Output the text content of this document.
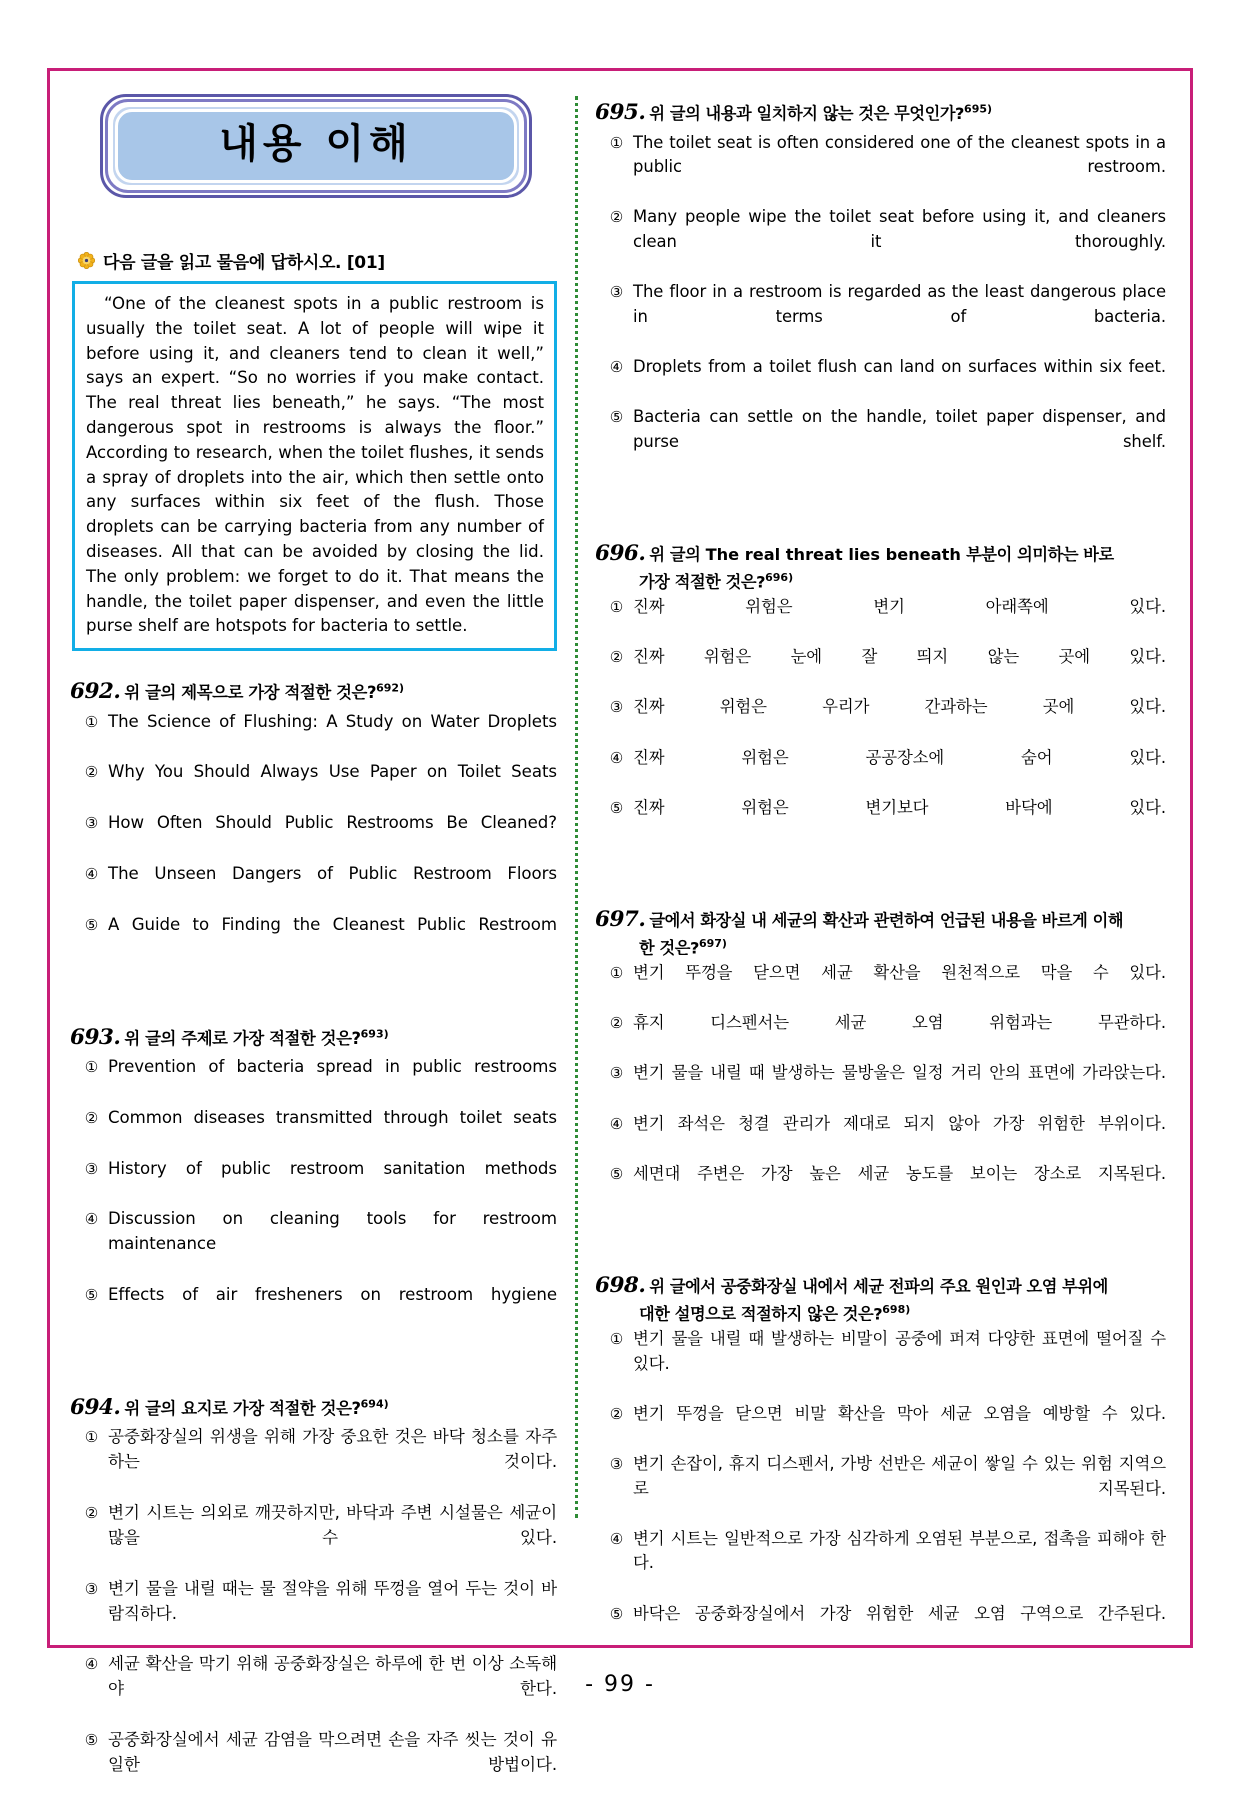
내용 이해
다음 글을 읽고 물음에 답하시오. [01]

“One of the cleanest spots in a public restroom is usually the toilet seat. A lot of people will wipe it before using it, and cleaners tend to clean it well,” says an expert. “So no worries if you make contact. The real threat lies beneath,” he says. “The most dangerous spot in restrooms is always the floor.” According to research, when the toilet flushes, it sends a spray of droplets into the air, which then settle onto any surfaces within six feet of the flush. Those droplets can be carrying bacteria from any number of diseases. All that can be avoided by closing the lid. The only problem: we forget to do it. That means the handle, the toilet paper dispenser, and even the little purse shelf are hotspots for bacteria to settle.

692. 위 글의 제목으로 가장 적절한 것은?$^{692)}$
① The Science of Flushing: A Study on Water Droplets
② Why You Should Always Use Paper on Toilet Seats
③ How Often Should Public Restrooms Be Cleaned?
④ The Unseen Dangers of Public Restroom Floors
⑤ A Guide to Finding the Cleanest Public Restroom
693. 위 글의 주제로 가장 적절한 것은?$^{693)}$
① Prevention of bacteria spread in public restrooms
② Common diseases transmitted through toilet seats
③ History of public restroom sanitation methods
④ Discussion on cleaning tools for restroom maintenance
⑤ Effects of air fresheners on restroom hygiene
694. 위 글의 요지로 가장 적절한 것은?$^{694)}$
① 공중화장실의 위생을 위해 가장 중요한 것은 바닥 청소를 자주 하는 것이다.
② 변기 시트는 의외로 깨끗하지만, 바닥과 주변 시설물은 세균이 많을 수 있다.
③ 변기 물을 내릴 때는 물 절약을 위해 뚜껑을 열어 두는 것이 바람직하다.
④ 세균 확산을 막기 위해 공중화장실은 하루에 한 번 이상 소독해야 한다.
⑤ 공중화장실에서 세균 감염을 막으려면 손을 자주 씻는 것이 유일한 방법이다.
695. 위 글의 내용과 일치하지 않는 것은 무엇인가?$^{695)}$
① The toilet seat is often considered one of the cleanest spots in a public restroom.
② Many people wipe the toilet seat before using it, and cleaners clean it thoroughly.
③ The floor in a restroom is regarded as the least dangerous place in terms of bacteria.
④ Droplets from a toilet flush can land on surfaces within six feet.
⑤ Bacteria can settle on the handle, toilet paper dispenser, and purse shelf.
696. 위 글의 The real threat lies beneath 부분이 의미하는 바로
가장 적절한 것은?$^{696)}$
① 진짜 위험은 변기 아래쪽에 있다.
② 진짜 위험은 눈에 잘 띄지 않는 곳에 있다.
③ 진짜 위험은 우리가 간과하는 곳에 있다.
④ 진짜 위험은 공공장소에 숨어 있다.
⑤ 진짜 위험은 변기보다 바닥에 있다.
697. 글에서 화장실 내 세균의 확산과 관련하여 언급된 내용을 바르게 이해
한 것은?$^{697)}$
① 변기 뚜껑을 닫으면 세균 확산을 원천적으로 막을 수 있다.
② 휴지 디스펜서는 세균 오염 위험과는 무관하다.
③ 변기 물을 내릴 때 발생하는 물방울은 일정 거리 안의 표면에 가라앉는다.
④ 변기 좌석은 청결 관리가 제대로 되지 않아 가장 위험한 부위이다.
⑤ 세면대 주변은 가장 높은 세균 농도를 보이는 장소로 지목된다.
698. 위 글에서 공중화장실 내에서 세균 전파의 주요 원인과 오염 부위에
대한 설명으로 적절하지 않은 것은?$^{698)}$
① 변기 물을 내릴 때 발생하는 비말이 공중에 퍼져 다양한 표면에 떨어질 수 있다.
② 변기 뚜껑을 닫으면 비말 확산을 막아 세균 오염을 예방할 수 있다.
③ 변기 손잡이, 휴지 디스펜서, 가방 선반은 세균이 쌓일 수 있는 위험 지역으로 지목된다.
④ 변기 시트는 일반적으로 가장 심각하게 오염된 부분으로, 접촉을 피해야 한다.
⑤ 바닥은 공중화장실에서 가장 위험한 세균 오염 구역으로 간주된다.
- 99 -
